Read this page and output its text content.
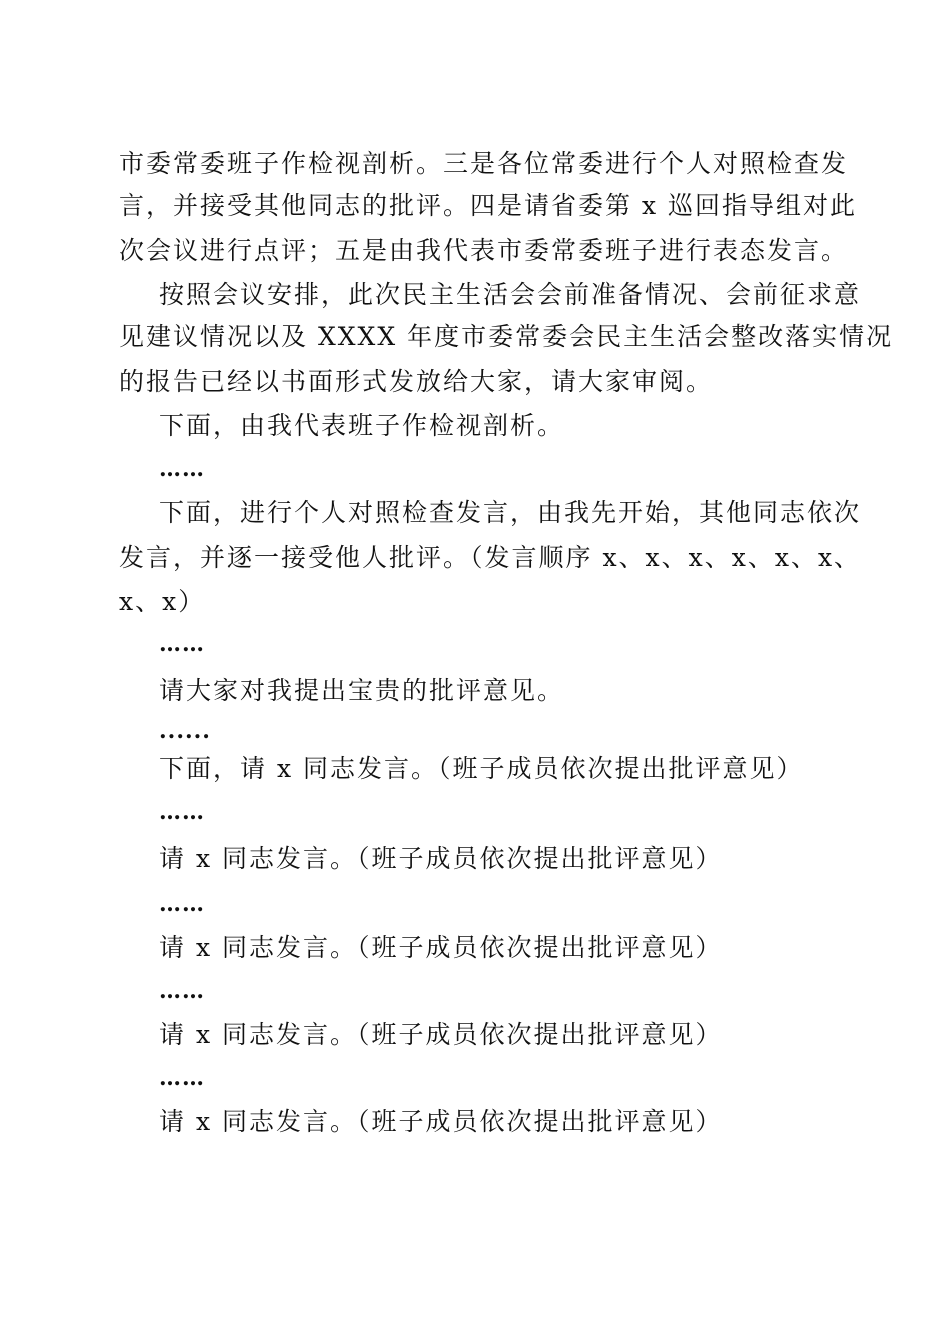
市委常委班子作检视剖析。三是各位常委进行个人对照检查发
言，并接受其他同志的批评。四是请省委第 x 巡回指导组对此
次会议进行点评；五是由我代表市委常委班子进行表态发言。
按照会议安排，此次民主生活会会前准备情况、会前征求意
见建议情况以及 XXXX 年度市委常委会民主生活会整改落实情况
的报告已经以书面形式发放给大家，请大家审阅。
下面，由我代表班子作检视剖析。
……
下面，进行个人对照检查发言，由我先开始，其他同志依次
发言，并逐一接受他人批评。（发言顺序 x、x、x、x、x、x、
x、x）
……
请大家对我提出宝贵的批评意见。
......
下面，请 x 同志发言。（班子成员依次提出批评意见）
……
请 x 同志发言。（班子成员依次提出批评意见）
……
请 x 同志发言。（班子成员依次提出批评意见）
……
请 x 同志发言。（班子成员依次提出批评意见）
……
请 x 同志发言。（班子成员依次提出批评意见）
